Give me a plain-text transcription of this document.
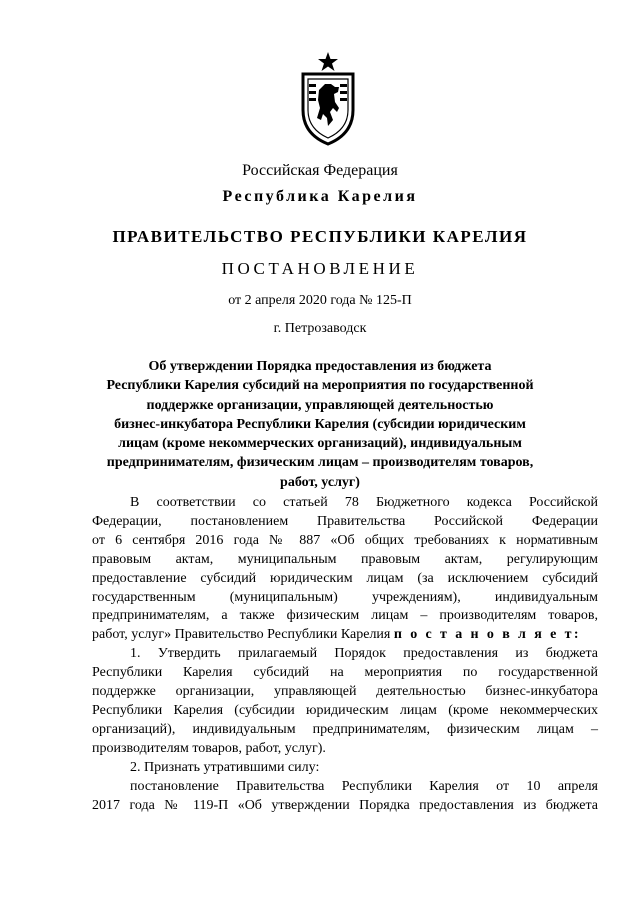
Российская Федерация
Республика Карелия
ПРАВИТЕЛЬСТВО РЕСПУБЛИКИ КАРЕЛИЯ
ПОСТАНОВЛЕНИЕ
от 2 апреля 2020 года № 125-П
г. Петрозаводск
Об утверждении Порядка предоставления из бюджета
Республики Карелия субсидий на мероприятия по государственной
поддержке организации, управляющей деятельностью
бизнес-инкубатора Республики Карелия (субсидии юридическим
лицам (кроме некоммерческих организаций), индивидуальным
предпринимателям, физическим лицам – производителям товаров,
работ, услуг)
В соответствии со статьей 78 Бюджетного кодекса Российской
Федерации, постановлением Правительства Российской Федерации
от 6 сентября 2016 года № 887 «Об общих требованиях к нормативным
правовым актам, муниципальным правовым актам, регулирующим
предоставление субсидий юридическим лицам (за исключением субсидий
государственным (муниципальным) учреждениям), индивидуальным
предпринимателям, а также физическим лицам – производителям товаров,
работ, услуг» Правительство Республики Карелия п о с т а н о в л я е т:
1. Утвердить прилагаемый Порядок предоставления из бюджета
Республики Карелия субсидий на мероприятия по государственной
поддержке организации, управляющей деятельностью бизнес-инкубатора
Республики Карелия (субсидии юридическим лицам (кроме некоммерческих
организаций), индивидуальным предпринимателям, физическим лицам –
производителям товаров, работ, услуг).
2. Признать утратившими силу:
постановление Правительства Республики Карелия от 10 апреля
2017 года № 119-П «Об утверждении Порядка предоставления из бюджета
